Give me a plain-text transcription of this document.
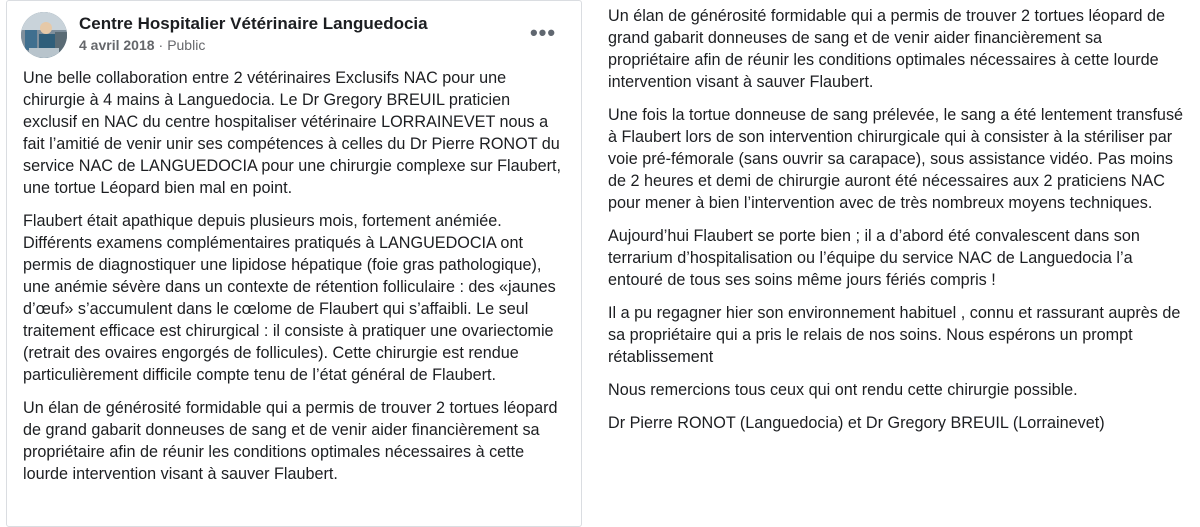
Centre Hospitalier Vétérinaire Languedocia
4 avril 2018 · Public	•••

Une belle collaboration entre 2 vétérinaires Exclusifs NAC pour une chirurgie à 4 mains à Languedocia. Le Dr Gregory BREUIL praticien exclusif en NAC du centre hospitaliser vétérinaire LORRAINEVET nous a fait l’amitié de venir unir ses compétences à celles du Dr Pierre RONOT du service NAC de LANGUEDOCIA pour une chirurgie complexe sur Flaubert, une tortue Léopard bien mal en point.

Flaubert était apathique depuis plusieurs mois, fortement anémiée. Différents examens complémentaires pratiqués à LANGUEDOCIA ont permis de diagnostiquer une lipidose hépatique (foie gras pathologique), une anémie sévère dans un contexte de rétention folliculaire : des «jaunes d’œuf» s’accumulent dans le cœlome de Flaubert qui s’affaibli. Le seul traitement efficace est chirurgical : il consiste à pratiquer une ovariectomie (retrait des ovaires engorgés de follicules). Cette chirurgie est rendue particulièrement difficile compte tenu de l’état général de Flaubert.

Un élan de générosité formidable qui a permis de trouver 2 tortues léopard de grand gabarit donneuses de sang et de venir aider financièrement sa propriétaire afin de réunir les conditions optimales nécessaires à cette lourde intervention visant à sauver Flaubert.

Un élan de générosité formidable qui a permis de trouver 2 tortues léopard de grand gabarit donneuses de sang et de venir aider financièrement sa propriétaire afin de réunir les conditions optimales nécessaires à cette lourde intervention visant à sauver Flaubert.

Une fois la tortue donneuse de sang prélevée, le sang a été lentement transfusé à Flaubert lors de son intervention chirurgicale qui à consister à la stériliser par voie pré-fémorale (sans ouvrir sa carapace), sous assistance vidéo. Pas moins de 2 heures et demi de chirurgie auront été nécessaires aux 2 praticiens NAC pour mener à bien l’intervention avec de très nombreux moyens techniques.

Aujourd’hui Flaubert se porte bien ; il a d’abord été convalescent dans son terrarium d’hospitalisation ou l’équipe du service NAC de Languedocia l’a entouré de tous ses soins même jours fériés compris !

Il a pu regagner hier son environnement habituel , connu et rassurant auprès de sa propriétaire qui a pris le relais de nos soins. Nous espérons un prompt rétablissement

Nous remercions tous ceux qui ont rendu cette chirurgie possible.

Dr Pierre RONOT (Languedocia) et Dr Gregory BREUIL (Lorrainevet)
